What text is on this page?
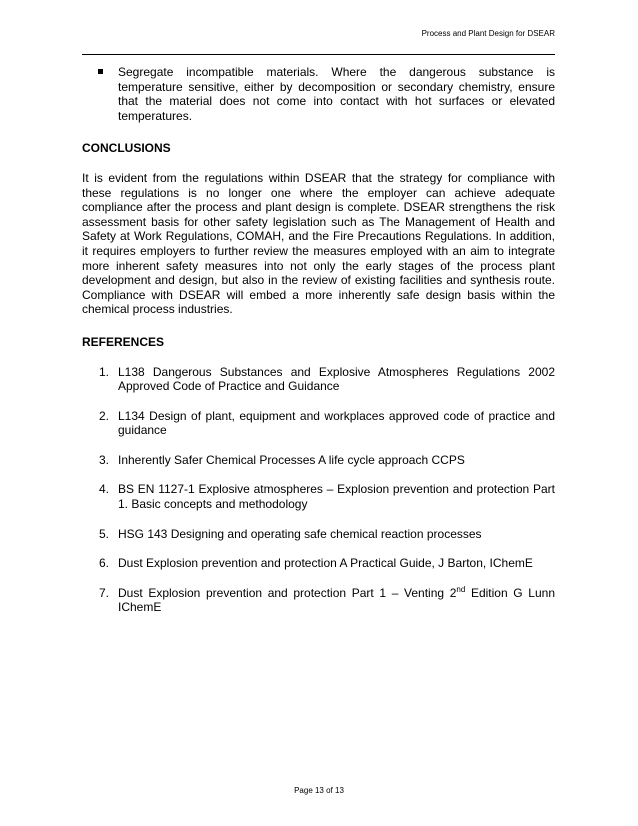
Process and Plant Design for DSEAR
Segregate incompatible materials. Where the dangerous substance is temperature sensitive, either by decomposition or secondary chemistry, ensure that the material does not come into contact with hot surfaces or elevated temperatures.
CONCLUSIONS
It is evident from the regulations within DSEAR that the strategy for compliance with these regulations is no longer one where the employer can achieve adequate compliance after the process and plant design is complete. DSEAR strengthens the risk assessment basis for other safety legislation such as The Management of Health and Safety at Work Regulations, COMAH, and the Fire Precautions Regulations. In addition, it requires employers to further review the measures employed with an aim to integrate more inherent safety measures into not only the early stages of the process plant development and design, but also in the review of existing facilities and synthesis route. Compliance with DSEAR will embed a more inherently safe design basis within the chemical process industries.
REFERENCES
1. L138 Dangerous Substances and Explosive Atmospheres Regulations 2002 Approved Code of Practice and Guidance
2. L134 Design of plant, equipment and workplaces approved code of practice and guidance
3. Inherently Safer Chemical Processes A life cycle approach CCPS
4. BS EN 1127-1 Explosive atmospheres – Explosion prevention and protection Part 1. Basic concepts and methodology
5. HSG 143 Designing and operating safe chemical reaction processes
6. Dust Explosion prevention and protection A Practical Guide, J Barton, IChemE
7. Dust Explosion prevention and protection Part 1 – Venting 2nd Edition G Lunn IChemE
Page 13 of 13
